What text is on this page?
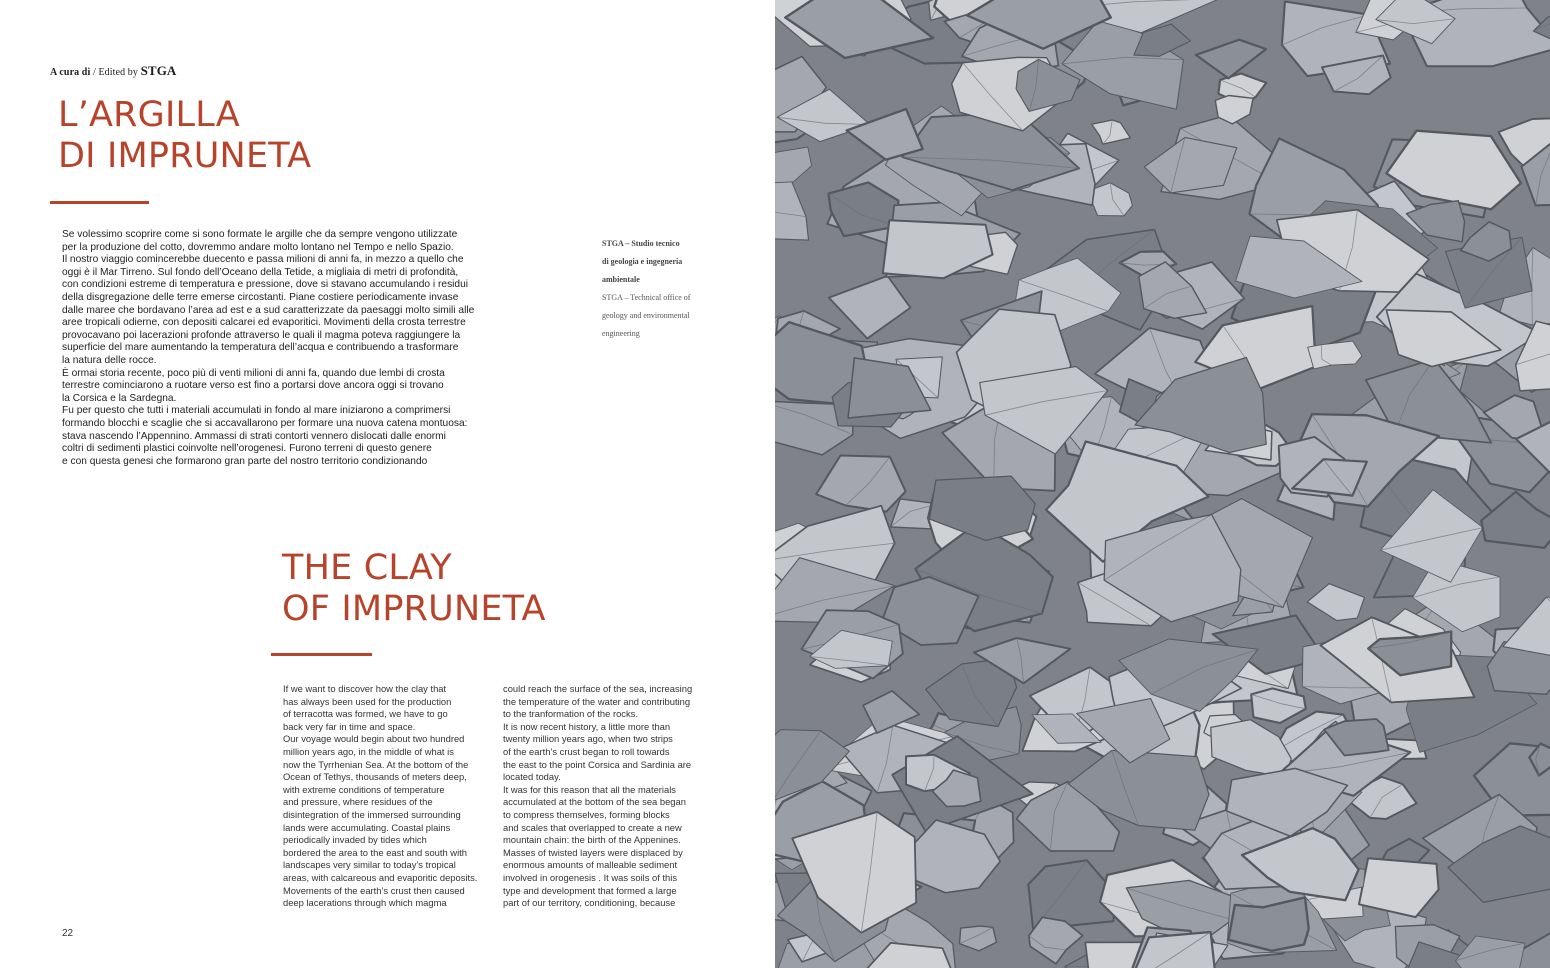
A cura di / Edited by STGA
L’ARGILLA
DI IMPRUNETA

Se volessimo scoprire come si sono formate le argille che da sempre vengono utilizzate

per la produzione del cotto, dovremmo andare molto lontano nel Tempo e nello Spazio.

Il nostro viaggio comincerebbe duecento e passa milioni di anni fa, in mezzo a quello che

oggi è il Mar Tirreno. Sul fondo dell’Oceano della Tetide, a migliaia di metri di profondità,

con condizioni estreme di temperatura e pressione, dove si stavano accumulando i residui

della disgregazione delle terre emerse circostanti. Piane costiere periodicamente invase

dalle maree che bordavano l’area ad est e a sud caratterizzate da paesaggi molto simili alle

aree tropicali odierne, con depositi calcarei ed evaporitici. Movimenti della crosta terrestre

provocavano poi lacerazioni profonde attraverso le quali il magma poteva raggiungere la

superficie del mare aumentando la temperatura dell’acqua e contribuendo a trasformare

la natura delle rocce.

È ormai storia recente, poco più di venti milioni di anni fa, quando due lembi di crosta

terrestre cominciarono a ruotare verso est fino a portarsi dove ancora oggi si trovano

la Corsica e la Sardegna.

Fu per questo che tutti i materiali accumulati in fondo al mare iniziarono a comprimersi

formando blocchi e scaglie che si accavallarono per formare una nuova catena montuosa:

stava nascendo l’Appennino. Ammassi di strati contorti vennero dislocati dalle enormi

coltri di sedimenti plastici coinvolte nell’orogenesi. Furono terreni di questo genere

e con questa genesi che formarono gran parte del nostro territorio condizionando

STGA – Studio tecnico

di geologia e ingegneria

ambientale

STGA – Technical office of

geology and environmental

engineering

THE CLAY
OF IMPRUNETA

If we want to discover how the clay that

has always been used for the production

of terracotta was formed, we have to go

back very far in time and space.

Our voyage would begin about two hundred

million years ago, in the middle of what is

now the Tyrrhenian Sea. At the bottom of the

Ocean of Tethys, thousands of meters deep,

with extreme conditions of temperature

and pressure, where residues of the

disintegration of the immersed surrounding

lands were accumulating. Coastal plains

periodically invaded by tides which

bordered the area to the east and south with

landscapes very similar to today’s tropical

areas, with calcareous and evaporitic deposits.

Movements of the earth’s crust then caused

deep lacerations through which magma

could reach the surface of the sea, increasing

the temperature of the water and contributing

to the tranformation of the rocks.

It is now recent history, a little more than

twenty million years ago, when two strips

of the earth’s crust began to roll towards

the east to the point Corsica and Sardinia are

located today.

It was for this reason that all the materials

accumulated at the bottom of the sea began

to compress themselves, forming blocks

and scales that overlapped to create a new

mountain chain: the birth of the Appenines.

Masses of twisted layers were displaced by

enormous amounts of malleable sediment

involved in orogenesis . It was soils of this

type and development that formed a large

part of our territory, conditioning, because

22
